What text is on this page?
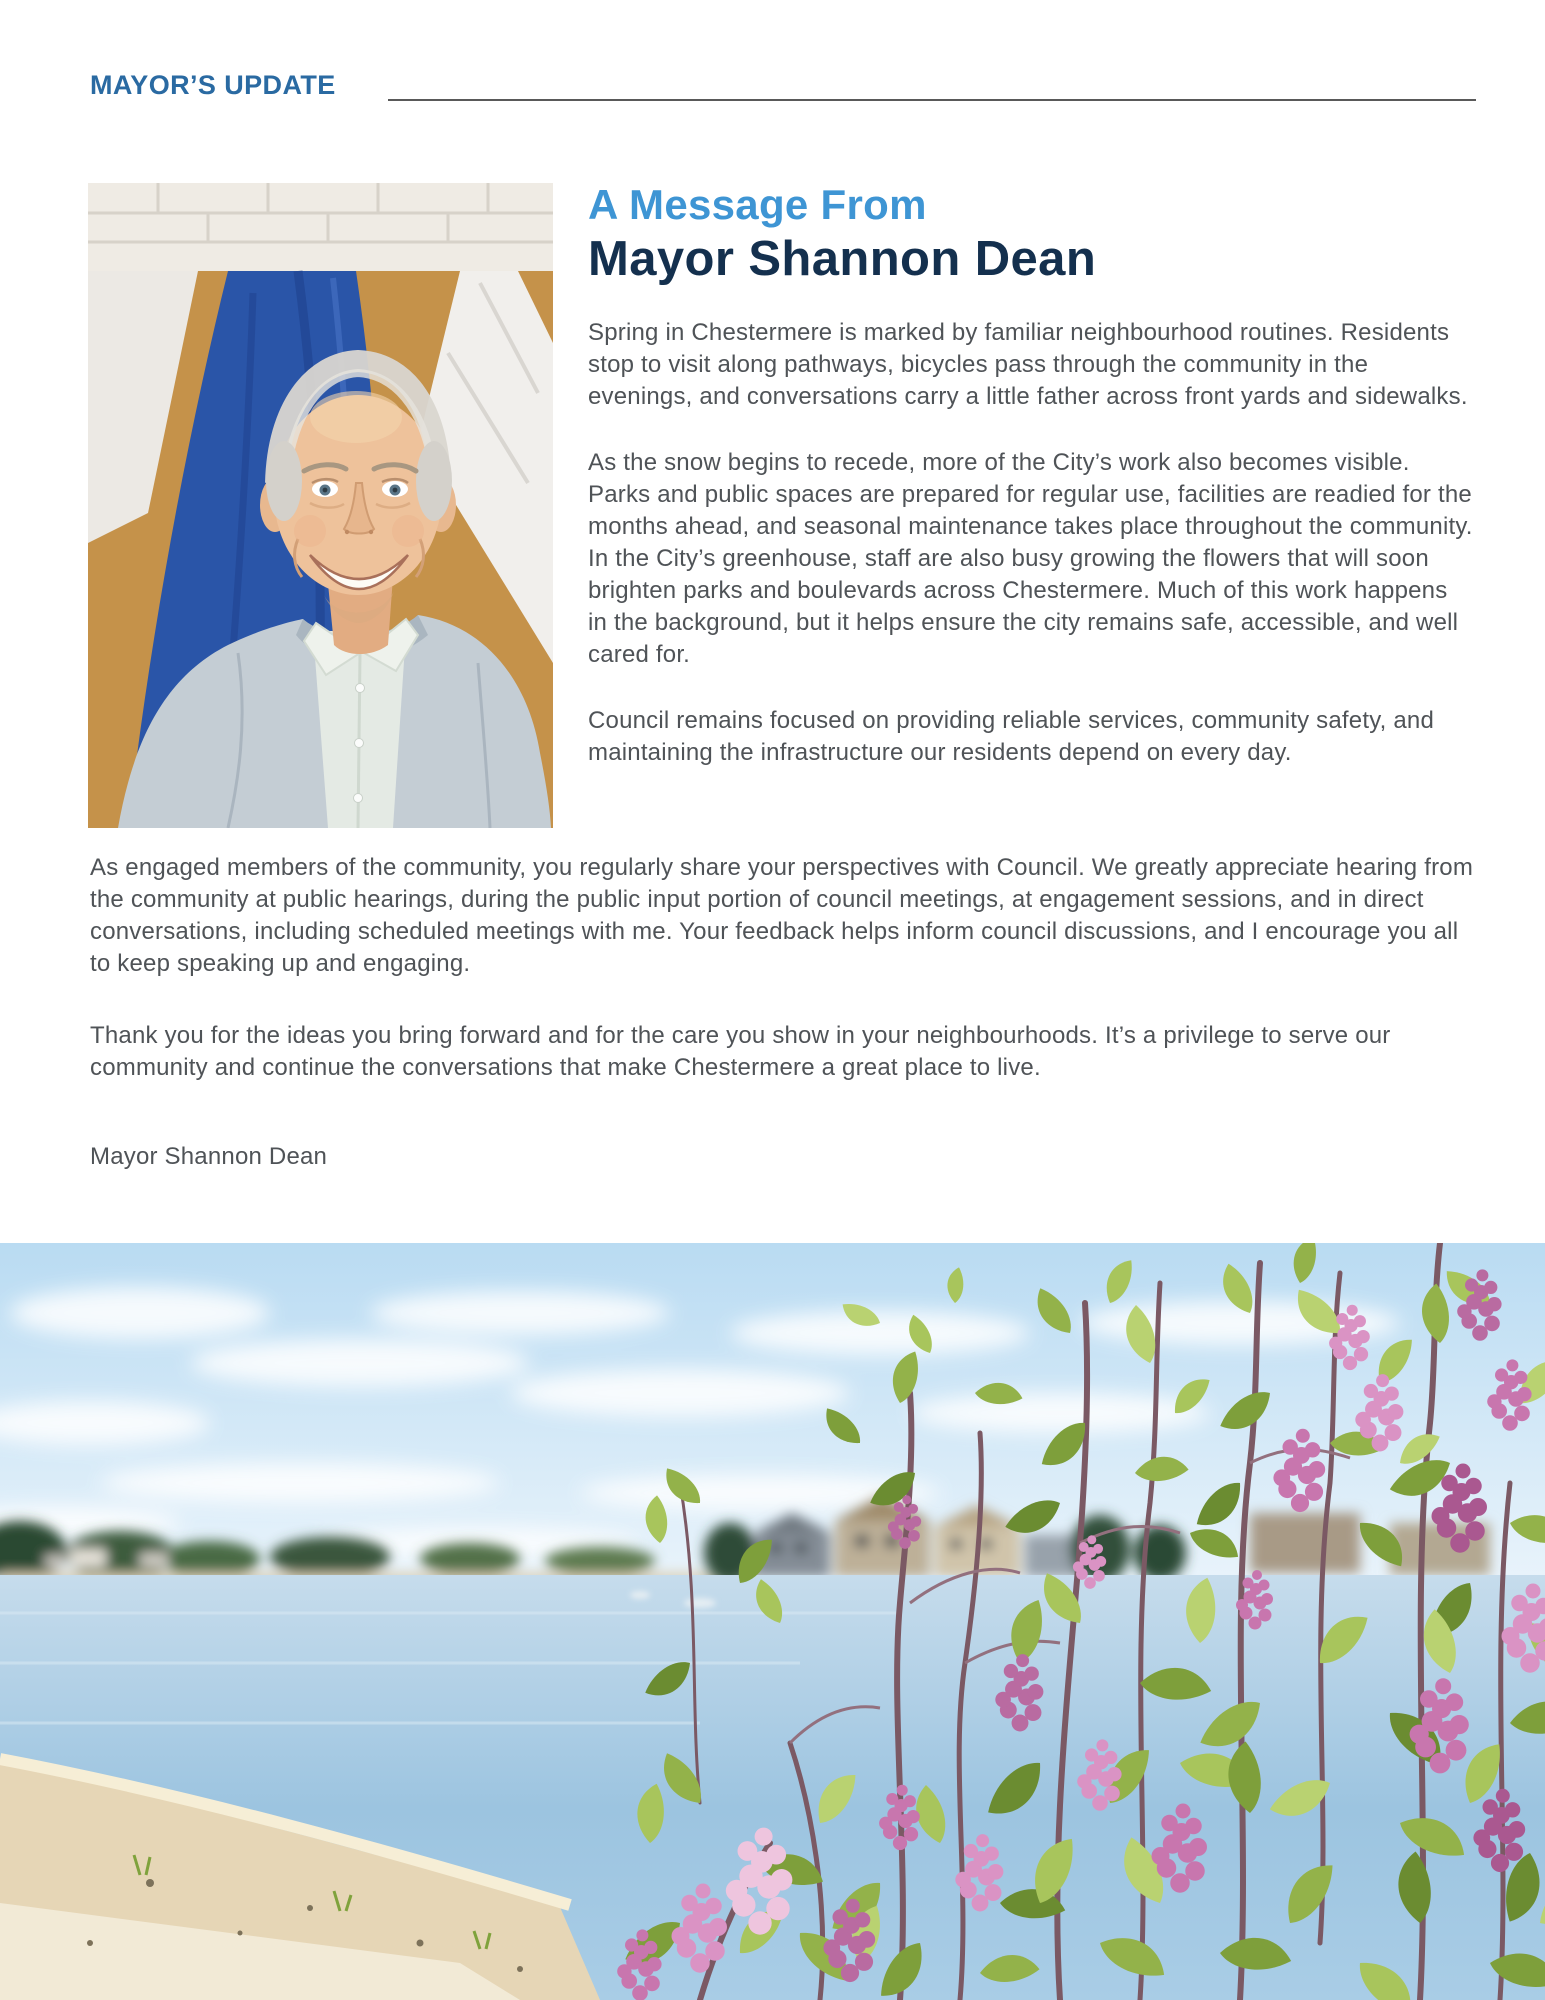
MAYOR’S UPDATE
A Message From
Mayor Shannon Dean

Spring in Chestermere is marked by familiar neighbourhood routines. Residents stop to visit along pathways, bicycles pass through the community in the evenings, and conversations carry a little father across front yards and sidewalks.

As the snow begins to recede, more of the City’s work also becomes visible. Parks and public spaces are prepared for regular use, facilities are readied for the months ahead, and seasonal maintenance takes place throughout the community. In the City’s greenhouse, staff are also busy growing the flowers that will soon brighten parks and boulevards across Chestermere. Much of this work happens in the background, but it helps ensure the city remains safe, accessible, and well cared for.

Council remains focused on providing reliable services, community safety, and maintaining the infrastructure our residents depend on every day.

As engaged members of the community, you regularly share your perspectives with Council. We greatly appreciate hearing from the community at public hearings, during the public input portion of council meetings, at engagement sessions, and in direct conversations, including scheduled meetings with me. Your feedback helps inform council discussions, and I encourage you all to keep speaking up and engaging.

Thank you for the ideas you bring forward and for the care you show in your neighbourhoods. It’s a privilege to serve our community and continue the conversations that make Chestermere a great place to live.

Mayor Shannon Dean
